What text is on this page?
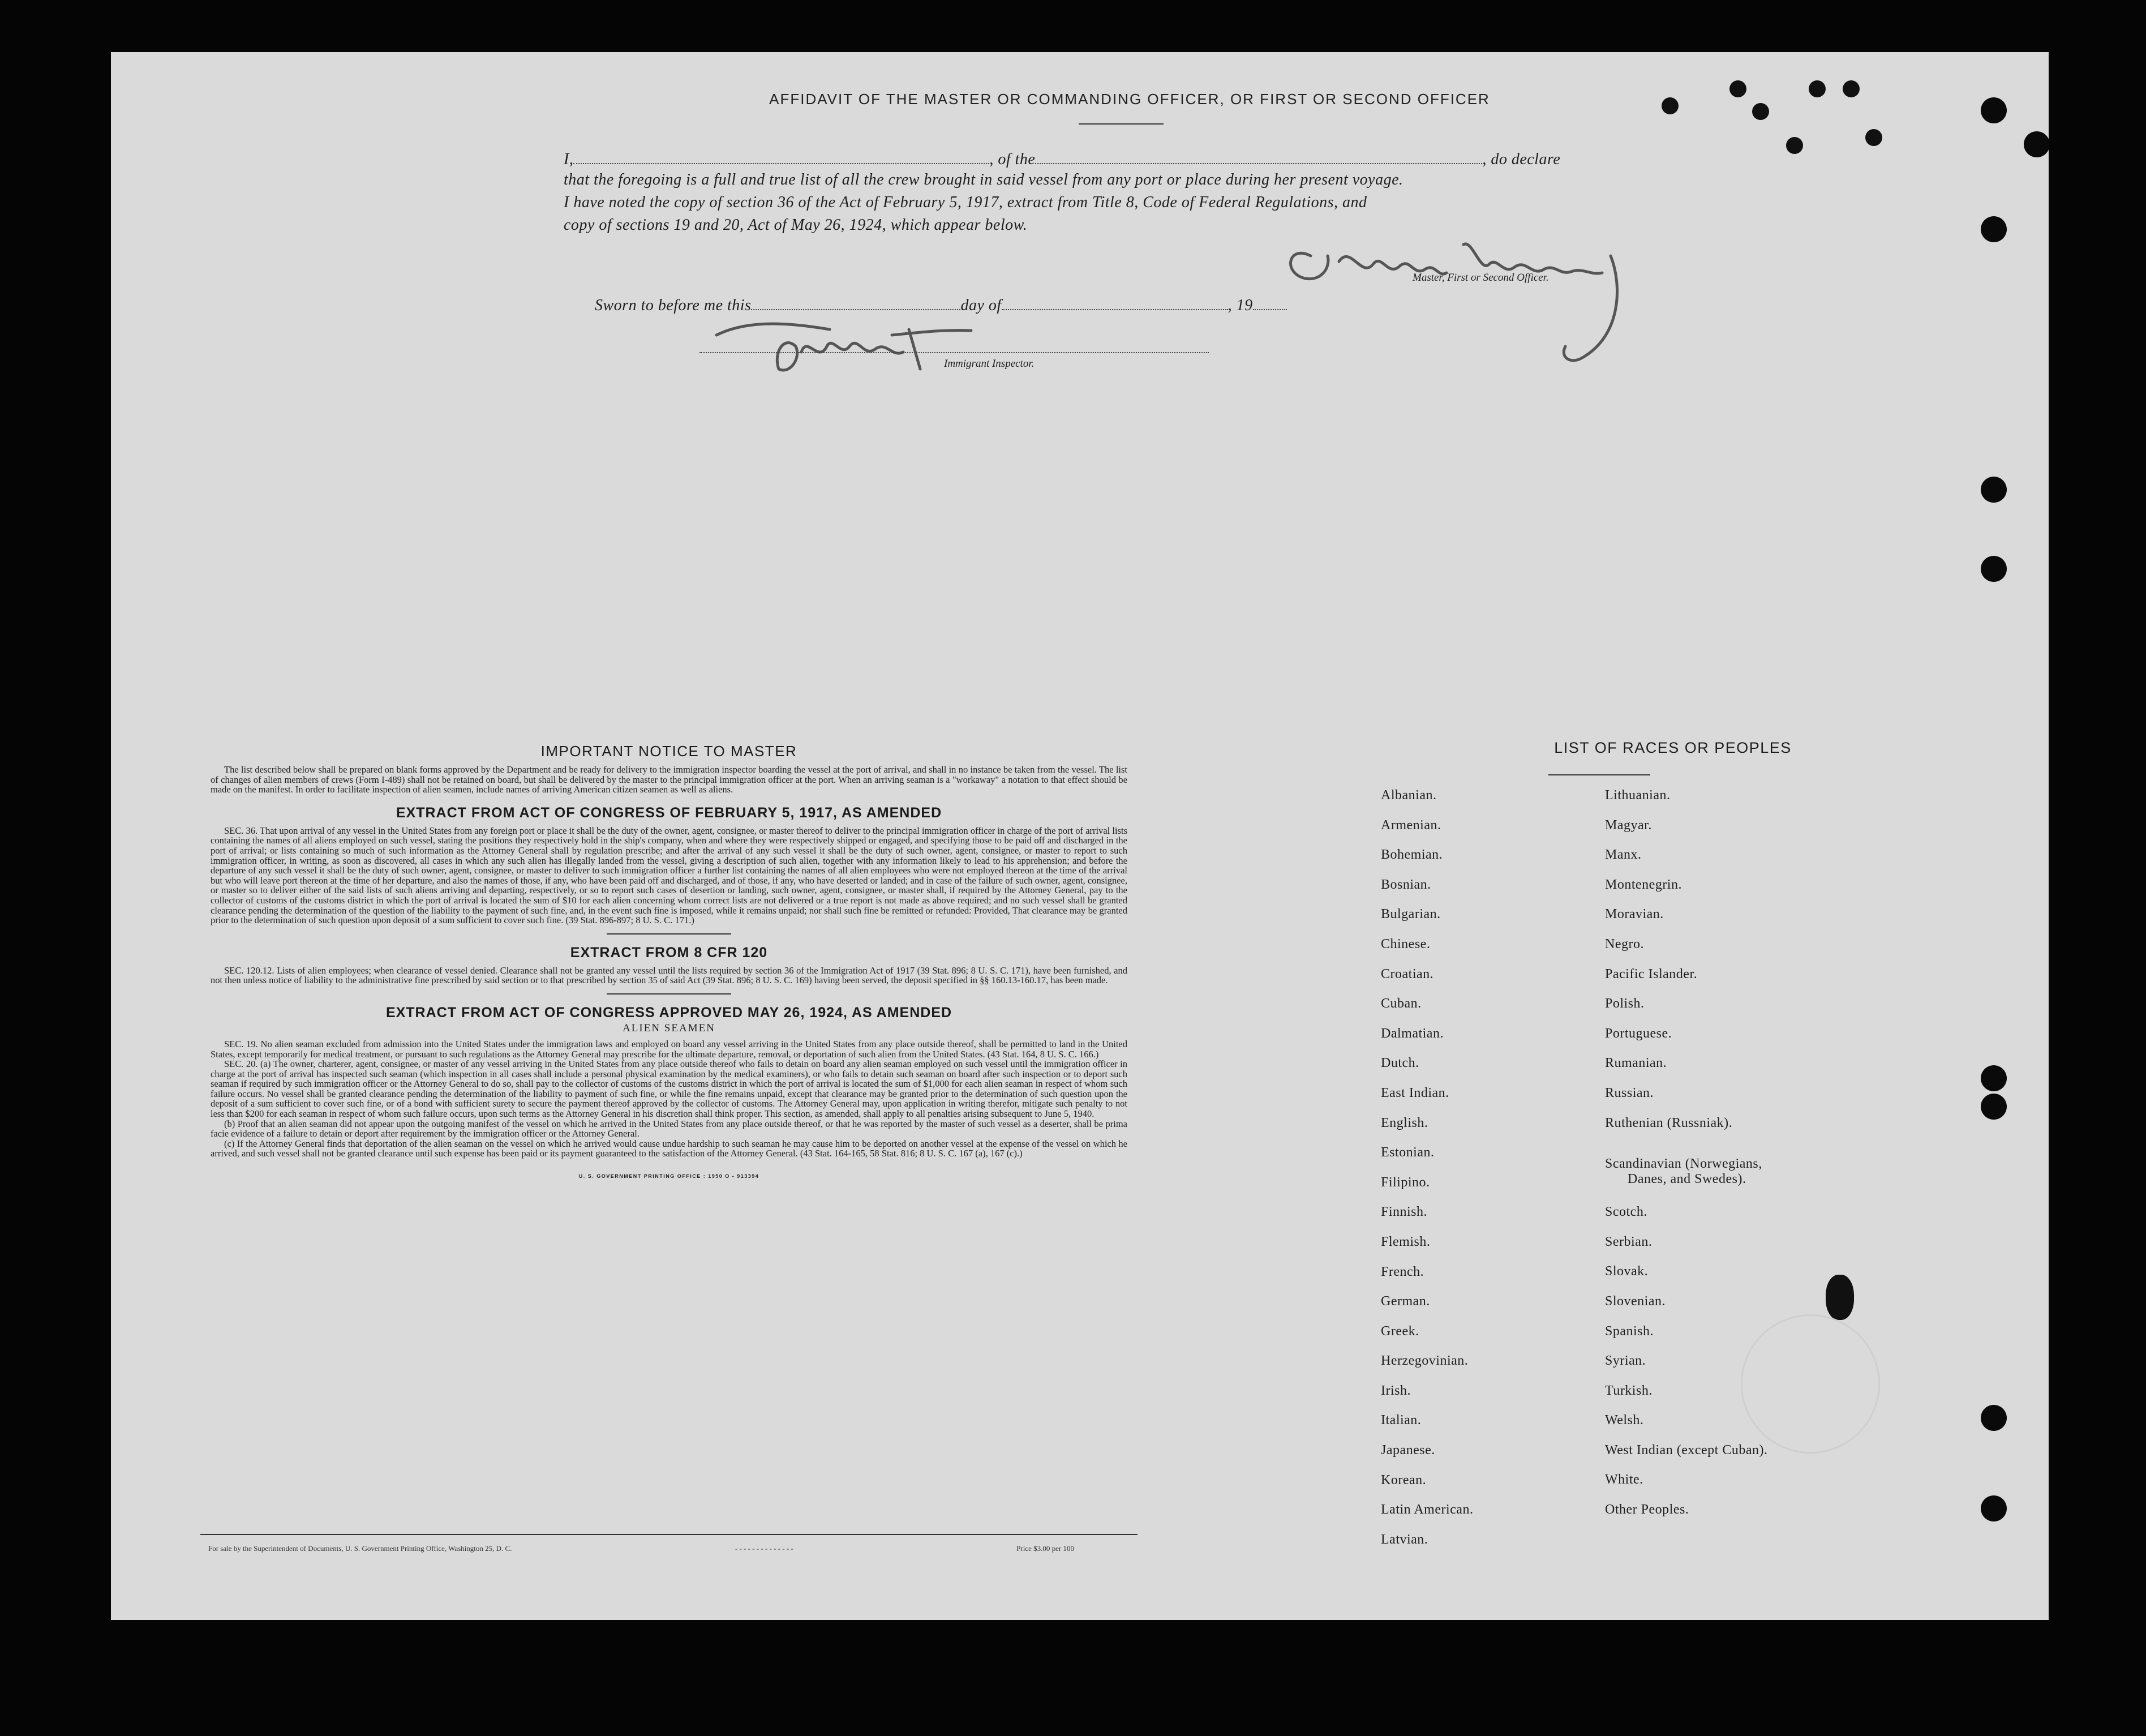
AFFIDAVIT OF THE MASTER OR COMMANDING OFFICER, OR FIRST OR SECOND OFFICER
I,	, of the	, do declare
that the foregoing is a full and true list of all the crew brought in said vessel from any port or place during her present voyage.
I have noted the copy of section 36 of the Act of February 5, 1917, extract from Title 8, Code of Federal Regulations, and
copy of sections 19 and 20, Act of May 26, 1924, which appear below.
Master, First or Second Officer.
Sworn to before me this	day of	, 19
Immigrant Inspector.
IMPORTANT NOTICE TO MASTER

The list described below shall be prepared on blank forms approved by the Department and be ready for delivery to the immigration inspector boarding the vessel at the port of arrival, and shall in no instance be taken from the vessel. The list of changes of alien members of crews (Form I-489) shall not be retained on board, but shall be delivered by the master to the principal immigration officer at the port. When an arriving seaman is a "workaway" a notation to that effect should be made on the manifest. In order to facilitate inspection of alien seamen, include names of arriving American citizen seamen as well as aliens.

EXTRACT FROM ACT OF CONGRESS OF FEBRUARY 5, 1917, AS AMENDED

SEC. 36. That upon arrival of any vessel in the United States from any foreign port or place it shall be the duty of the owner, agent, consignee, or master thereof to deliver to the principal immigration officer in charge of the port of arrival lists containing the names of all aliens employed on such vessel, stating the positions they respectively hold in the ship's company, when and where they were respectively shipped or engaged, and specifying those to be paid off and discharged in the port of arrival; or lists containing so much of such information as the Attorney General shall by regulation prescribe; and after the arrival of any such vessel it shall be the duty of such owner, agent, consignee, or master to report to such immigration officer, in writing, as soon as discovered, all cases in which any such alien has illegally landed from the vessel, giving a description of such alien, together with any information likely to lead to his apprehension; and before the departure of any such vessel it shall be the duty of such owner, agent, consignee, or master to deliver to such immigration officer a further list containing the names of all alien employees who were not employed thereon at the time of the arrival but who will leave port thereon at the time of her departure, and also the names of those, if any, who have been paid off and discharged, and of those, if any, who have deserted or landed; and in case of the failure of such owner, agent, consignee, or master so to deliver either of the said lists of such aliens arriving and departing, respectively, or so to report such cases of desertion or landing, such owner, agent, consignee, or master shall, if required by the Attorney General, pay to the collector of customs of the customs district in which the port of arrival is located the sum of $10 for each alien concerning whom correct lists are not delivered or a true report is not made as above required; and no such vessel shall be granted clearance pending the determination of the question of the liability to the payment of such fine, and, in the event such fine is imposed, while it remains unpaid; nor shall such fine be remitted or refunded: Provided, That clearance may be granted prior to the determination of such question upon deposit of a sum sufficient to cover such fine. (39 Stat. 896-897; 8 U. S. C. 171.)

EXTRACT FROM 8 CFR 120

SEC. 120.12. Lists of alien employees; when clearance of vessel denied. Clearance shall not be granted any vessel until the lists required by section 36 of the Immigration Act of 1917 (39 Stat. 896; 8 U. S. C. 171), have been furnished, and not then unless notice of liability to the administrative fine prescribed by said section or to that prescribed by section 35 of said Act (39 Stat. 896; 8 U. S. C. 169) having been served, the deposit specified in §§ 160.13-160.17, has been made.

EXTRACT FROM ACT OF CONGRESS APPROVED MAY 26, 1924, AS AMENDED
ALIEN SEAMEN

SEC. 19. No alien seaman excluded from admission into the United States under the immigration laws and employed on board any vessel arriving in the United States from any place outside thereof, shall be permitted to land in the United States, except temporarily for medical treatment, or pursuant to such regulations as the Attorney General may prescribe for the ultimate departure, removal, or deportation of such alien from the United States. (43 Stat. 164, 8 U. S. C. 166.)

SEC. 20. (a) The owner, charterer, agent, consignee, or master of any vessel arriving in the United States from any place outside thereof who fails to detain on board any alien seaman employed on such vessel until the immigration officer in charge at the port of arrival has inspected such seaman (which inspection in all cases shall include a personal physical examination by the medical examiners), or who fails to detain such seaman on board after such inspection or to deport such seaman if required by such immigration officer or the Attorney General to do so, shall pay to the collector of customs of the customs district in which the port of arrival is located the sum of $1,000 for each alien seaman in respect of whom such failure occurs. No vessel shall be granted clearance pending the determination of the liability to payment of such fine, or while the fine remains unpaid, except that clearance may be granted prior to the determination of such question upon the deposit of a sum sufficient to cover such fine, or of a bond with sufficient surety to secure the payment thereof approved by the collector of customs. The Attorney General may, upon application in writing therefor, mitigate such penalty to not less than $200 for each seaman in respect of whom such failure occurs, upon such terms as the Attorney General in his discretion shall think proper. This section, as amended, shall apply to all penalties arising subsequent to June 5, 1940.

(b) Proof that an alien seaman did not appear upon the outgoing manifest of the vessel on which he arrived in the United States from any place outside thereof, or that he was reported by the master of such vessel as a deserter, shall be prima facie evidence of a failure to detain or deport after requirement by the immigration officer or the Attorney General.

(c) If the Attorney General finds that deportation of the alien seaman on the vessel on which he arrived would cause undue hardship to such seaman he may cause him to be deported on another vessel at the expense of the vessel on which he arrived, and such vessel shall not be granted clearance until such expense has been paid or its payment guaranteed to the satisfaction of the Attorney General. (43 Stat. 164-165, 58 Stat. 816; 8 U. S. C. 167 (a), 167 (c).)

U. S. GOVERNMENT PRINTING OFFICE : 1950 O - 913394
For sale by the Superintendent of Documents, U. S. Government Printing Office, Washington 25, D. C.	- - - - - - - - - - - - - -	Price $3.00 per 100
LIST OF RACES OR PEOPLES
Albanian.
Armenian.
Bohemian.
Bosnian.
Bulgarian.
Chinese.
Croatian.
Cuban.
Dalmatian.
Dutch.
East Indian.
English.
Estonian.
Filipino.
Finnish.
Flemish.
French.
German.
Greek.
Herzegovinian.
Irish.
Italian.
Japanese.
Korean.
Latin American.
Latvian.
Lithuanian.
Magyar.
Manx.
Montenegrin.
Moravian.
Negro.
Pacific Islander.
Polish.
Portuguese.
Rumanian.
Russian.
Ruthenian (Russniak).
Scandinavian (Norwegians,
Danes, and Swedes).
Scotch.
Serbian.
Slovak.
Slovenian.
Spanish.
Syrian.
Turkish.
Welsh.
West Indian (except Cuban).
White.
Other Peoples.
